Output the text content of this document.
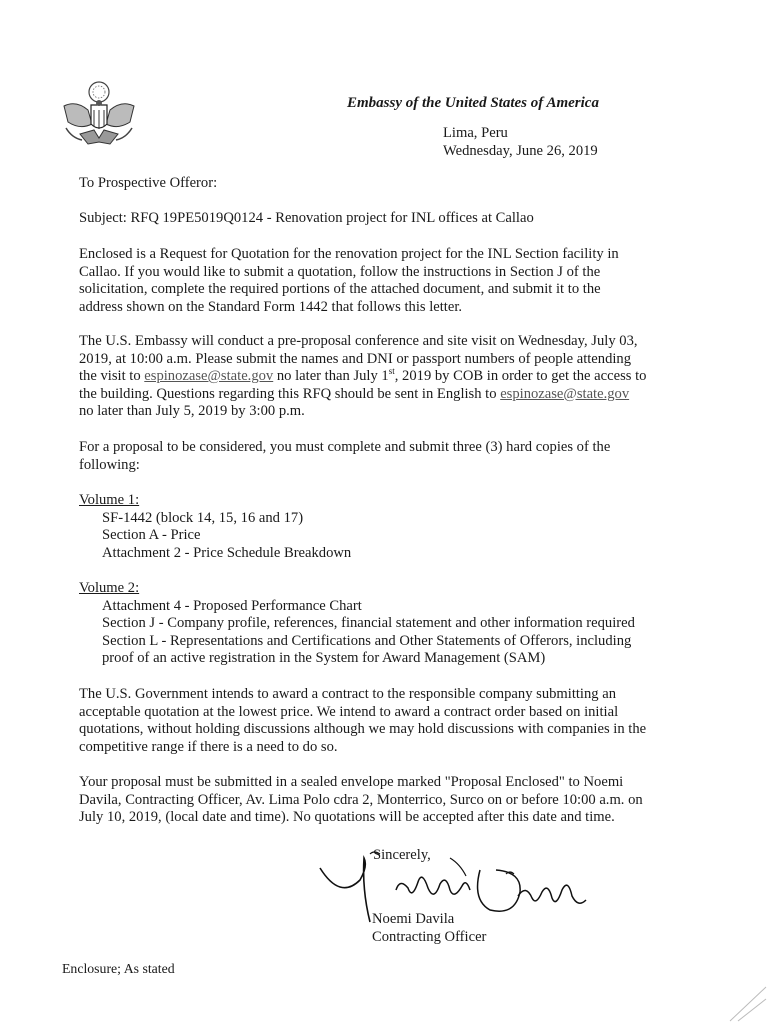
Embassy of the United States of America
Lima, Peru
Wednesday, June 26, 2019
To Prospective Offeror:
Subject: RFQ 19PE5019Q0124 - Renovation project for INL offices at Callao

Enclosed is a Request for Quotation for the renovation project for the INL Section facility in

Callao. If you would like to submit a quotation, follow the instructions in Section J of the

solicitation, complete the required portions of the attached document, and submit it to the

address shown on the Standard Form 1442 that follows this letter.

The U.S. Embassy will conduct a pre-proposal conference and site visit on Wednesday, July 03,

2019, at 10:00 a.m. Please submit the names and DNI or passport numbers of people attending

the visit to espinozase@state.gov no later than July 1st, 2019 by COB in order to get the access to

the building. Questions regarding this RFQ should be sent in English to espinozase@state.gov

no later than July 5, 2019 by 3:00 p.m.

For a proposal to be considered, you must complete and submit three (3) hard copies of the

following:

Volume 1:

SF-1442 (block 14, 15, 16 and 17)

Section A - Price

Attachment 2 - Price Schedule Breakdown

Volume 2:

Attachment 4 - Proposed Performance Chart

Section J - Company profile, references, financial statement and other information required

Section L - Representations and Certifications and Other Statements of Offerors, including

proof of an active registration in the System for Award Management (SAM)

The U.S. Government intends to award a contract to the responsible company submitting an

acceptable quotation at the lowest price. We intend to award a contract order based on initial

quotations, without holding discussions although we may hold discussions with companies in the

competitive range if there is a need to do so.

Your proposal must be submitted in a sealed envelope marked "Proposal Enclosed" to Noemi

Davila, Contracting Officer, Av. Lima Polo cdra 2, Monterrico, Surco on or before 10:00 a.m. on

July 10, 2019, (local date and time). No quotations will be accepted after this date and time.

Sincerely,
Noemi Davila
Contracting Officer
Enclosure; As stated
